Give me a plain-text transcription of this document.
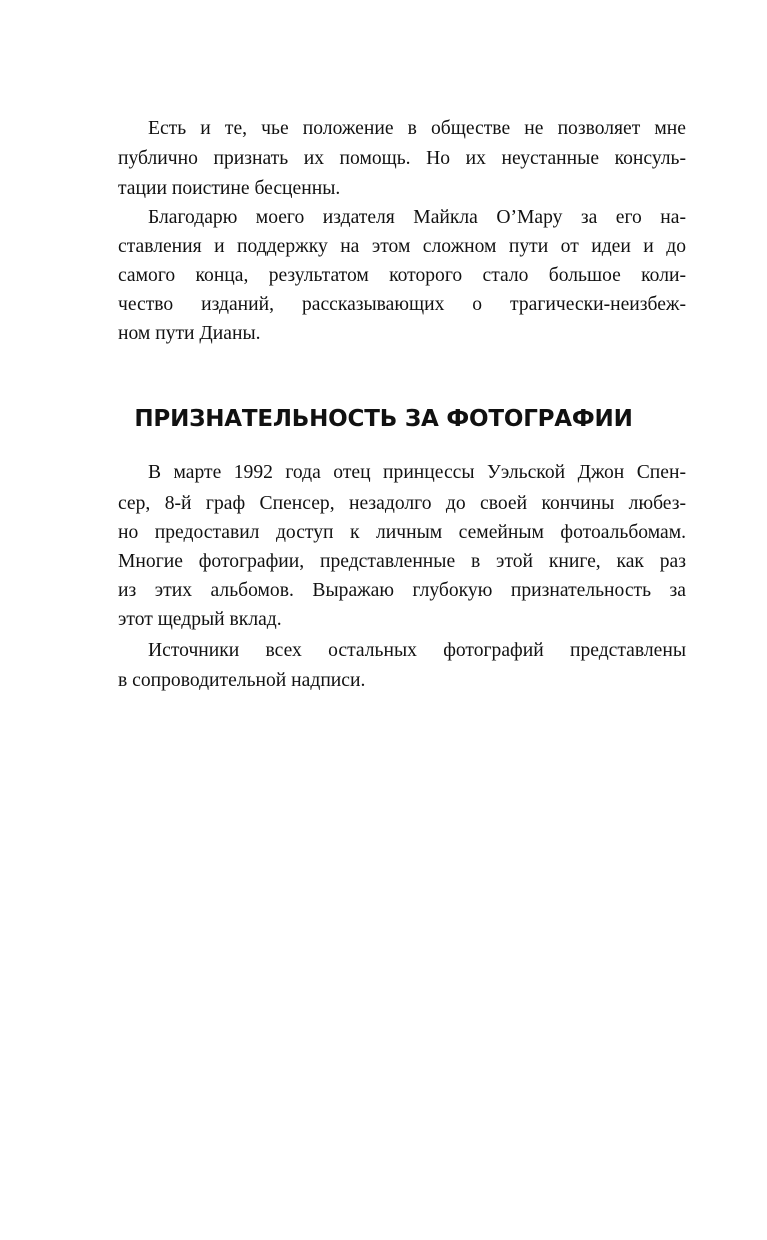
Есть и те, чье положение в обществе не позволяет мне
публично признать их помощь. Но их неустанные консуль-
тации поистине бесценны.
Благодарю моего издателя Майкла О’Мару за его на-
ставления и поддержку на этом сложном пути от идеи и до
самого конца, результатом которого стало большое коли-
чество изданий, рассказывающих о трагически-неизбеж-
ном пути Дианы.
ПРИЗНАТЕЛЬНОСТЬ ЗА ФОТОГРАФИИ
В марте 1992 года отец принцессы Уэльской Джон Спен-
сер, 8-й граф Спенсер, незадолго до своей кончины любез-
но предоставил доступ к личным семейным фотоальбомам.
Многие фотографии, представленные в этой книге, как раз
из этих альбомов. Выражаю глубокую признательность за
этот щедрый вклад.
Источники всех остальных фотографий представлены
в сопроводительной надписи.
